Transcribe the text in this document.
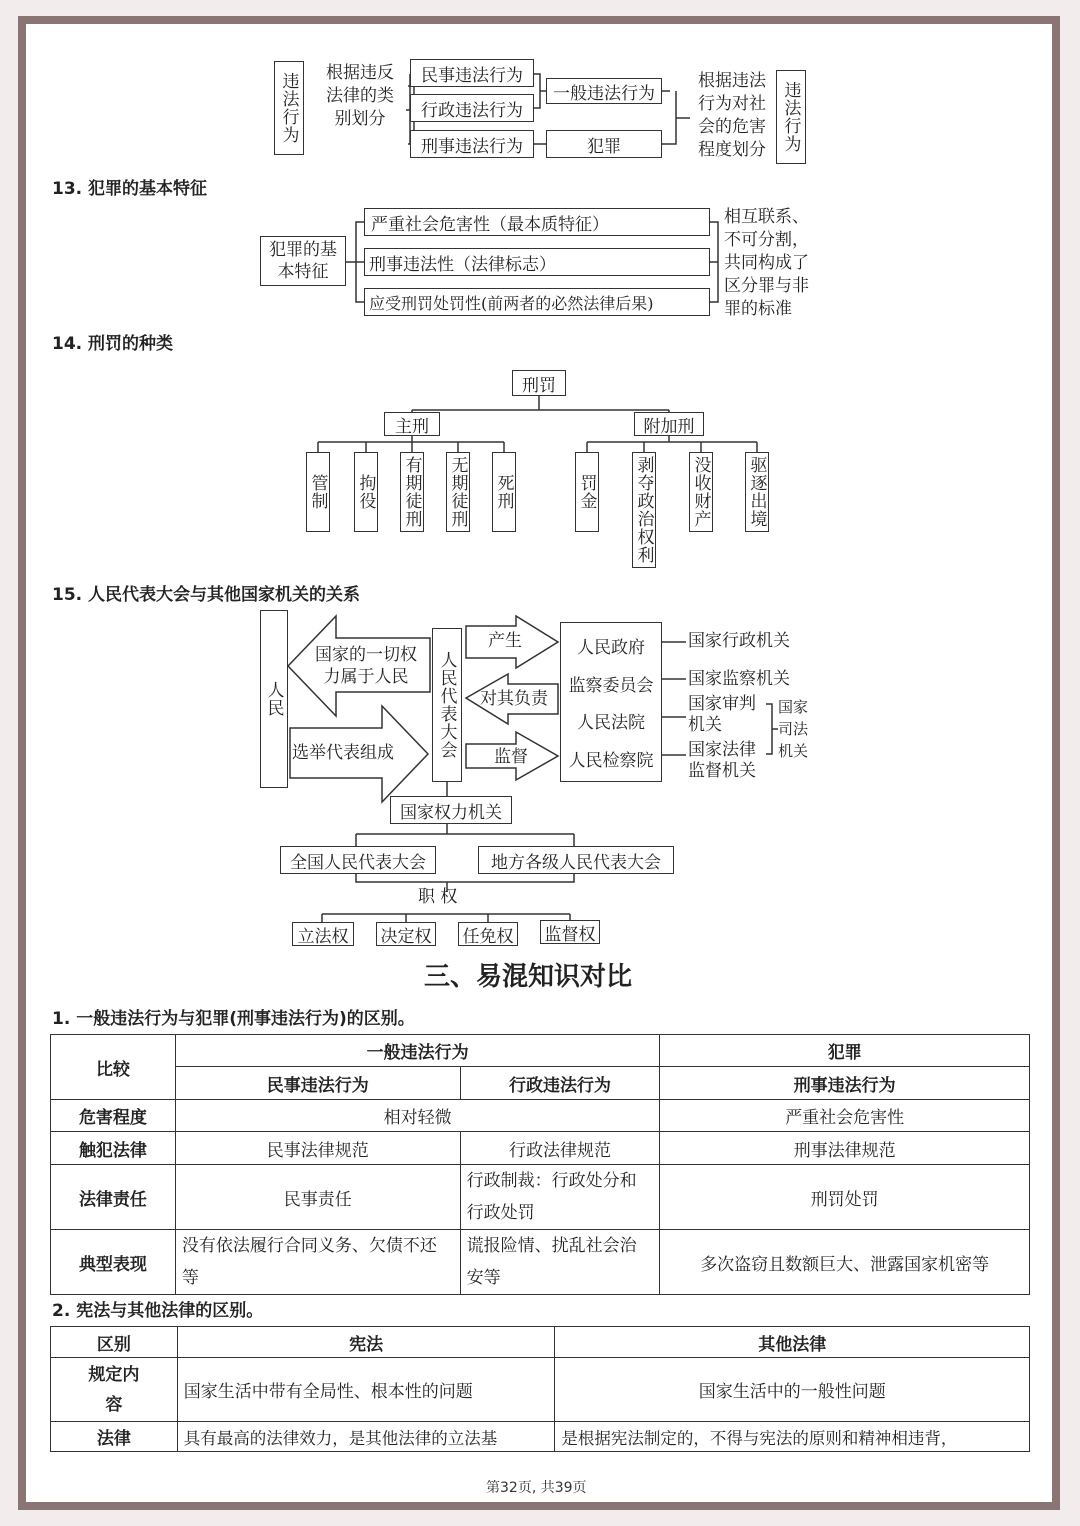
违法行为	根据违反
法律的类
别划分
民事违法行为
行政违法行为
刑事违法行为
一般违法行为
犯罪
根据违法
行为对社
会的危害
程度划分 违法行为
13. 犯罪的基本特征
犯罪的基
本特征
严重社会危害性（最本质特征）
刑事违法性（法律标志）
应受刑罚处罚性(前两者的必然法律后果)
相互联系、
不可分割，
共同构成了
区分罪与非
罪的标准
14. 刑罚的种类
刑罚
主刑	附加刑
管制 拘役 有期徒刑 无期徒刑 死刑	罚金 剥夺政治权利 没收财产 驱逐出境
15. 人民代表大会与其他国家机关的关系
人民
国家的一切权
力属于人民
选举代表组成	人民代表大会
产生
对其负责
监督
人民政府
监察委员会
人民法院
人民检察院
国家行政机关
国家监察机关
国家审判机关
国家法律监督机关
国家司法机关
国家权力机关
全国人民代表大会	地方各级人民代表大会
职 权
立法权	决定权 任免权 监督权
三、易混知识对比
1. 一般违法行为与犯罪(刑事违法行为)的区别。
比较	一般违法行为		犯罪
	民事违法行为	行政违法行为	刑事违法行为
危害程度	相对轻微		严重社会危害性
触犯法律	民事法律规范	行政法律规范	刑事法律规范
法律责任	民事责任	行政制裁：行政处分和行政处罚	刑罚处罚
典型表现	没有依法履行合同义务、欠债不还等	谎报险情、扰乱社会治安等	多次盗窃且数额巨大、泄露国家机密等
2. 宪法与其他法律的区别。
区别	宪法	其他法律
规定内容	国家生活中带有全局性、根本性的问题	国家生活中的一般性问题
法律	具有最高的法律效力，是其他法律的立法基	是根据宪法制定的，不得与宪法的原则和精神相违背，
第32页, 共39页
